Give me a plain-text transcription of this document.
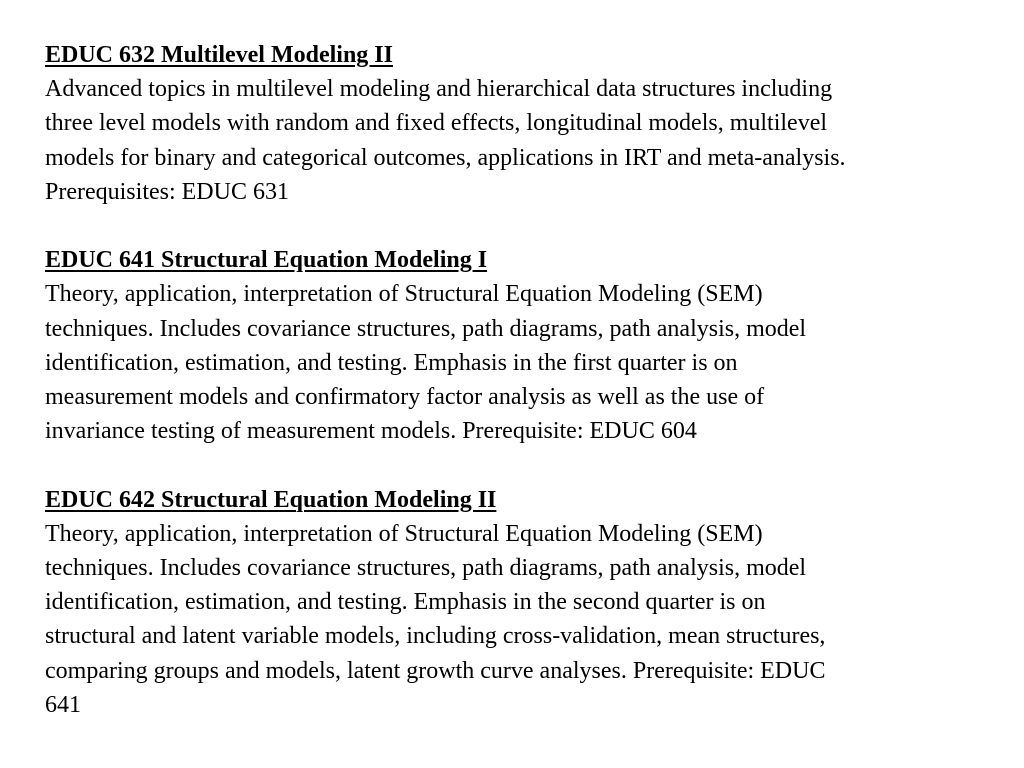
EDUC 632 Multilevel Modeling II
Advanced topics in multilevel modeling and hierarchical data structures including
three level models with random and fixed effects, longitudinal models, multilevel
models for binary and categorical outcomes, applications in IRT and meta-analysis.
Prerequisites: EDUC 631
EDUC 641 Structural Equation Modeling I
Theory, application, interpretation of Structural Equation Modeling (SEM)
techniques. Includes covariance structures, path diagrams, path analysis, model
identification, estimation, and testing. Emphasis in the first quarter is on
measurement models and confirmatory factor analysis as well as the use of
invariance testing of measurement models. Prerequisite: EDUC 604
EDUC 642 Structural Equation Modeling II
Theory, application, interpretation of Structural Equation Modeling (SEM)
techniques. Includes covariance structures, path diagrams, path analysis, model
identification, estimation, and testing. Emphasis in the second quarter is on
structural and latent variable models, including cross-validation, mean structures,
comparing groups and models, latent growth curve analyses. Prerequisite: EDUC
641
